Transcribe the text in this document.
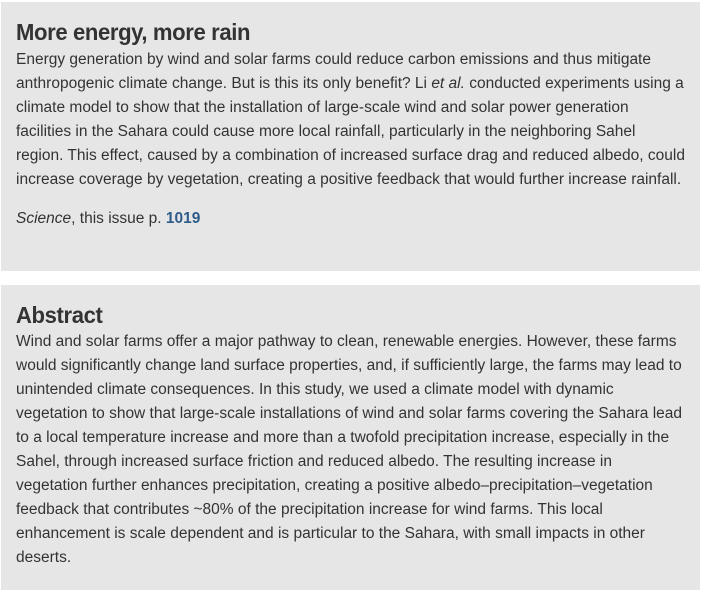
More energy, more rain

Energy generation by wind and solar farms could reduce carbon emissions and thus mitigate anthropogenic climate change. But is this its only benefit? Li et al. conducted experiments using a climate model to show that the installation of large-scale wind and solar power generation facilities in the Sahara could cause more local rainfall, particularly in the neighboring Sahel region. This effect, caused by a combination of increased surface drag and reduced albedo, could increase coverage by vegetation, creating a positive feedback that would further increase rainfall.

Science, this issue p. 1019

Abstract

Wind and solar farms offer a major pathway to clean, renewable energies. However, these farms would significantly change land surface properties, and, if sufficiently large, the farms may lead to unintended climate consequences. In this study, we used a climate model with dynamic vegetation to show that large-scale installations of wind and solar farms covering the Sahara lead to a local temperature increase and more than a twofold precipitation increase, especially in the Sahel, through increased surface friction and reduced albedo. The resulting increase in vegetation further enhances precipitation, creating a positive albedo–precipitation–vegetation feedback that contributes ~80% of the precipitation increase for wind farms. This local enhancement is scale dependent and is particular to the Sahara, with small impacts in other deserts.
